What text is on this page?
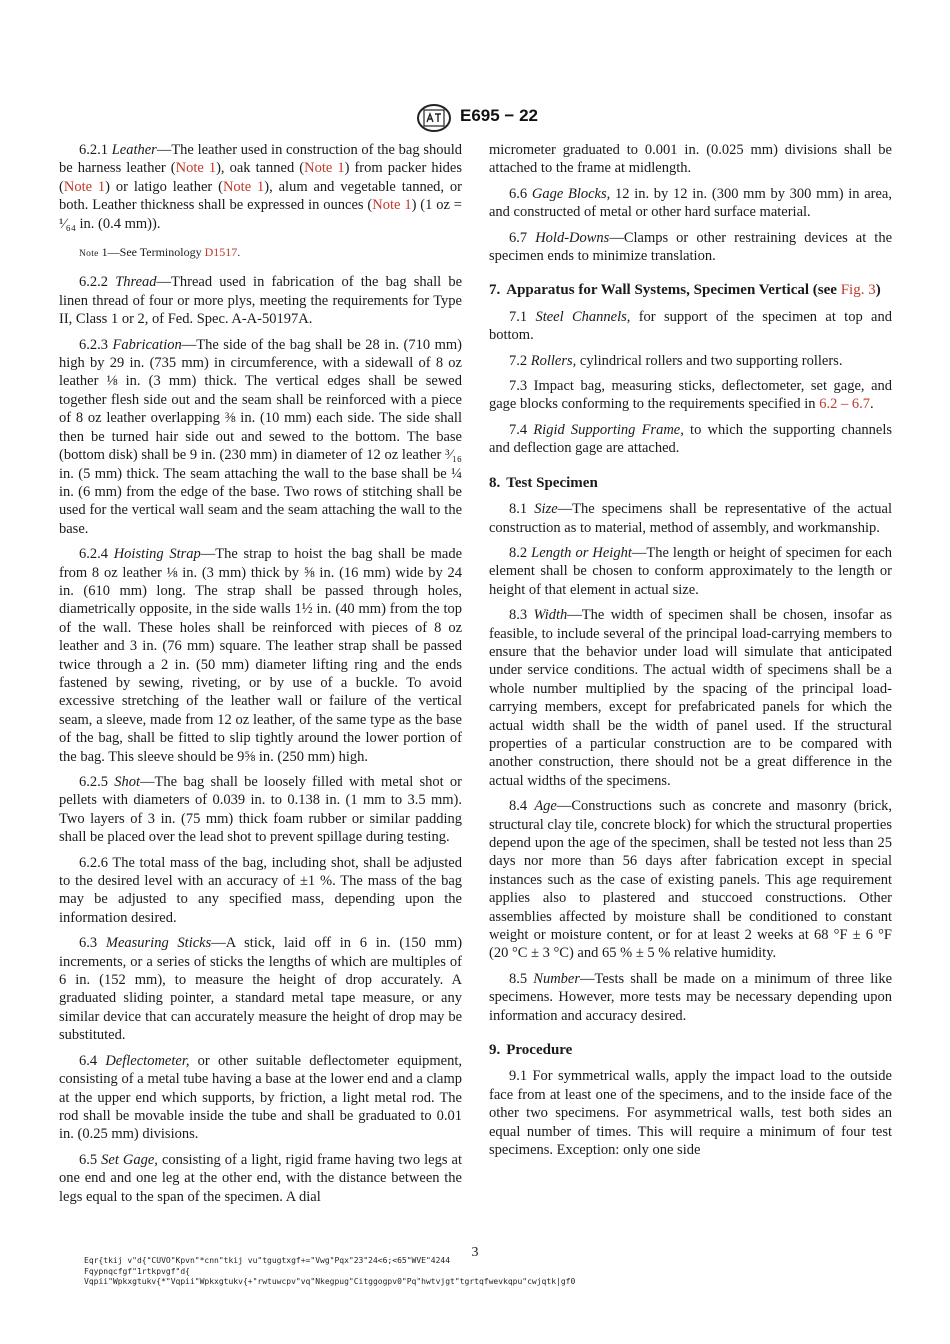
E695 − 22

6.2.1 Leather—The leather used in construction of the bag should be harness leather (Note 1), oak tanned (Note 1) from packer hides (Note 1) or latigo leather (Note 1), alum and vegetable tanned, or both. Leather thickness shall be expressed in ounces (Note 1) (1 oz = ¹⁄₆₄ in. (0.4 mm)).

Note 1—See Terminology D1517.

6.2.2 Thread—Thread used in fabrication of the bag shall be linen thread of four or more plys, meeting the requirements for Type II, Class 1 or 2, of Fed. Spec. A-A-50197A.

6.2.3 Fabrication—The side of the bag shall be 28 in. (710 mm) high by 29 in. (735 mm) in circumference, with a sidewall of 8 oz leather ⅛ in. (3 mm) thick. The vertical edges shall be sewed together flesh side out and the seam shall be reinforced with a piece of 8 oz leather overlapping ⅜ in. (10 mm) each side. The side shall then be turned hair side out and sewed to the bottom. The base (bottom disk) shall be 9 in. (230 mm) in diameter of 12 oz leather ³⁄₁₆ in. (5 mm) thick. The seam attaching the wall to the base shall be ¼ in. (6 mm) from the edge of the base. Two rows of stitching shall be used for the vertical wall seam and the seam attaching the wall to the base.

6.2.4 Hoisting Strap—The strap to hoist the bag shall be made from 8 oz leather ⅛ in. (3 mm) thick by ⅝ in. (16 mm) wide by 24 in. (610 mm) long. The strap shall be passed through holes, diametrically opposite, in the side walls 1½ in. (40 mm) from the top of the wall. These holes shall be reinforced with pieces of 8 oz leather and 3 in. (76 mm) square. The leather strap shall be passed twice through a 2 in. (50 mm) diameter lifting ring and the ends fastened by sewing, riveting, or by use of a buckle. To avoid excessive stretching of the leather wall or failure of the vertical seam, a sleeve, made from 12 oz leather, of the same type as the base of the bag, shall be fitted to slip tightly around the lower portion of the bag. This sleeve should be 9⅝ in. (250 mm) high.

6.2.5 Shot—The bag shall be loosely filled with metal shot or pellets with diameters of 0.039 in. to 0.138 in. (1 mm to 3.5 mm). Two layers of 3 in. (75 mm) thick foam rubber or similar padding shall be placed over the lead shot to prevent spillage during testing.

6.2.6 The total mass of the bag, including shot, shall be adjusted to the desired level with an accuracy of ±1 %. The mass of the bag may be adjusted to any specified mass, depending upon the information desired.

6.3 Measuring Sticks—A stick, laid off in 6 in. (150 mm) increments, or a series of sticks the lengths of which are multiples of 6 in. (152 mm), to measure the height of drop accurately. A graduated sliding pointer, a standard metal tape measure, or any similar device that can accurately measure the height of drop may be substituted.

6.4 Deflectometer, or other suitable deflectometer equipment, consisting of a metal tube having a base at the lower end and a clamp at the upper end which supports, by friction, a light metal rod. The rod shall be movable inside the tube and shall be graduated to 0.01 in. (0.25 mm) divisions.

6.5 Set Gage, consisting of a light, rigid frame having two legs at one end and one leg at the other end, with the distance between the legs equal to the span of the specimen. A dial

micrometer graduated to 0.001 in. (0.025 mm) divisions shall be attached to the frame at midlength.

6.6 Gage Blocks, 12 in. by 12 in. (300 mm by 300 mm) in area, and constructed of metal or other hard surface material.

6.7 Hold-Downs—Clamps or other restraining devices at the specimen ends to minimize translation.

7. Apparatus for Wall Systems, Specimen Vertical (see Fig. 3)

7.1 Steel Channels, for support of the specimen at top and bottom.

7.2 Rollers, cylindrical rollers and two supporting rollers.

7.3 Impact bag, measuring sticks, deflectometer, set gage, and gage blocks conforming to the requirements specified in 6.2 – 6.7.

7.4 Rigid Supporting Frame, to which the supporting channels and deflection gage are attached.

8. Test Specimen

8.1 Size—The specimens shall be representative of the actual construction as to material, method of assembly, and workmanship.

8.2 Length or Height—The length or height of specimen for each element shall be chosen to conform approximately to the length or height of that element in actual size.

8.3 Width—The width of specimen shall be chosen, insofar as feasible, to include several of the principal load-carrying members to ensure that the behavior under load will simulate that anticipated under service conditions. The actual width of specimens shall be a whole number multiplied by the spacing of the principal load-carrying members, except for prefabricated panels for which the actual width shall be the width of panel used. If the structural properties of a particular construction are to be compared with another construction, there should not be a great difference in the actual widths of the specimens.

8.4 Age—Constructions such as concrete and masonry (brick, structural clay tile, concrete block) for which the structural properties depend upon the age of the specimen, shall be tested not less than 25 days nor more than 56 days after fabrication except in special instances such as the case of existing panels. This age requirement applies also to plastered and stuccoed constructions. Other assemblies affected by moisture shall be conditioned to constant weight or moisture content, or for at least 2 weeks at 68 °F ± 6 °F (20 °C ± 3 °C) and 65 % ± 5 % relative humidity.

8.5 Number—Tests shall be made on a minimum of three like specimens. However, more tests may be necessary depending upon information and accuracy desired.

9. Procedure

9.1 For symmetrical walls, apply the impact load to the outside face from at least one of the specimens, and to the inside face of the other two specimens. For asymmetrical walls, test both sides an equal number of times. This will require a minimum of four test specimens. Exception: only one side

3
Eqr{tkij v"d{"CUVO"Kpvn"*cnn"tkij vu"tgugtxgf+="Vwg"Pqx"23"24<6;<65"WVE"4244
Fqypnqcfgf"1rtkpvgf"d{
Vqpii"Wpkxgtukv{*"Vqpii"Wpkxgtukv{+"rwtuwcpv"vq"Nkegpug"Citggogpv0"Pq"hwtvjgt"tgrtqfwevkqpu"cwjqtk|gf0
